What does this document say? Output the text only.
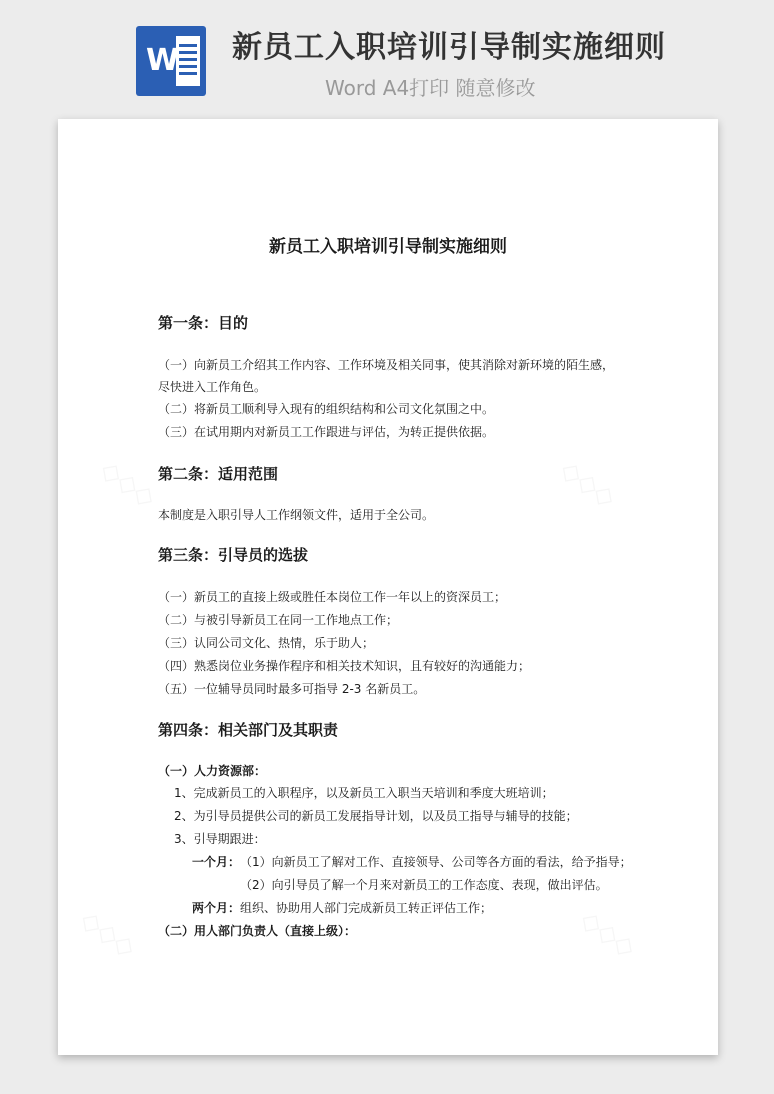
W 新员工入职培训引导制实施细则
Word A4打印 随意修改
新员工入职培训引导制实施细则
第一条：目的
（一）向新员工介绍其工作内容、工作环境及相关同事，使其消除对新环境的陌生感，
尽快进入工作角色。
（二）将新员工顺利导入现有的组织结构和公司文化氛围之中。
（三）在试用期内对新员工工作跟进与评估，为转正提供依据。
第二条：适用范围
本制度是入职引导人工作纲领文件，适用于全公司。
第三条：引导员的选拔
（一）新员工的直接上级或胜任本岗位工作一年以上的资深员工；
（二）与被引导新员工在同一工作地点工作；
（三）认同公司文化、热情，乐于助人；
（四）熟悉岗位业务操作程序和相关技术知识，且有较好的沟通能力；
（五）一位辅导员同时最多可指导 2-3 名新员工。
第四条：相关部门及其职责
（一）人力资源部：
1、完成新员工的入职程序，以及新员工入职当天培训和季度大班培训；
2、为引导员提供公司的新员工发展指导计划，以及员工指导与辅导的技能；
3、引导期跟进：
一个月： （1）向新员工了解对工作、直接领导、公司等各方面的看法，给予指导；
（2）向引导员了解一个月来对新员工的工作态度、表现，做出评估。
两个月： 组织、协助用人部门完成新员工转正评估工作；
（二）用人部门负责人（直接上级）：
